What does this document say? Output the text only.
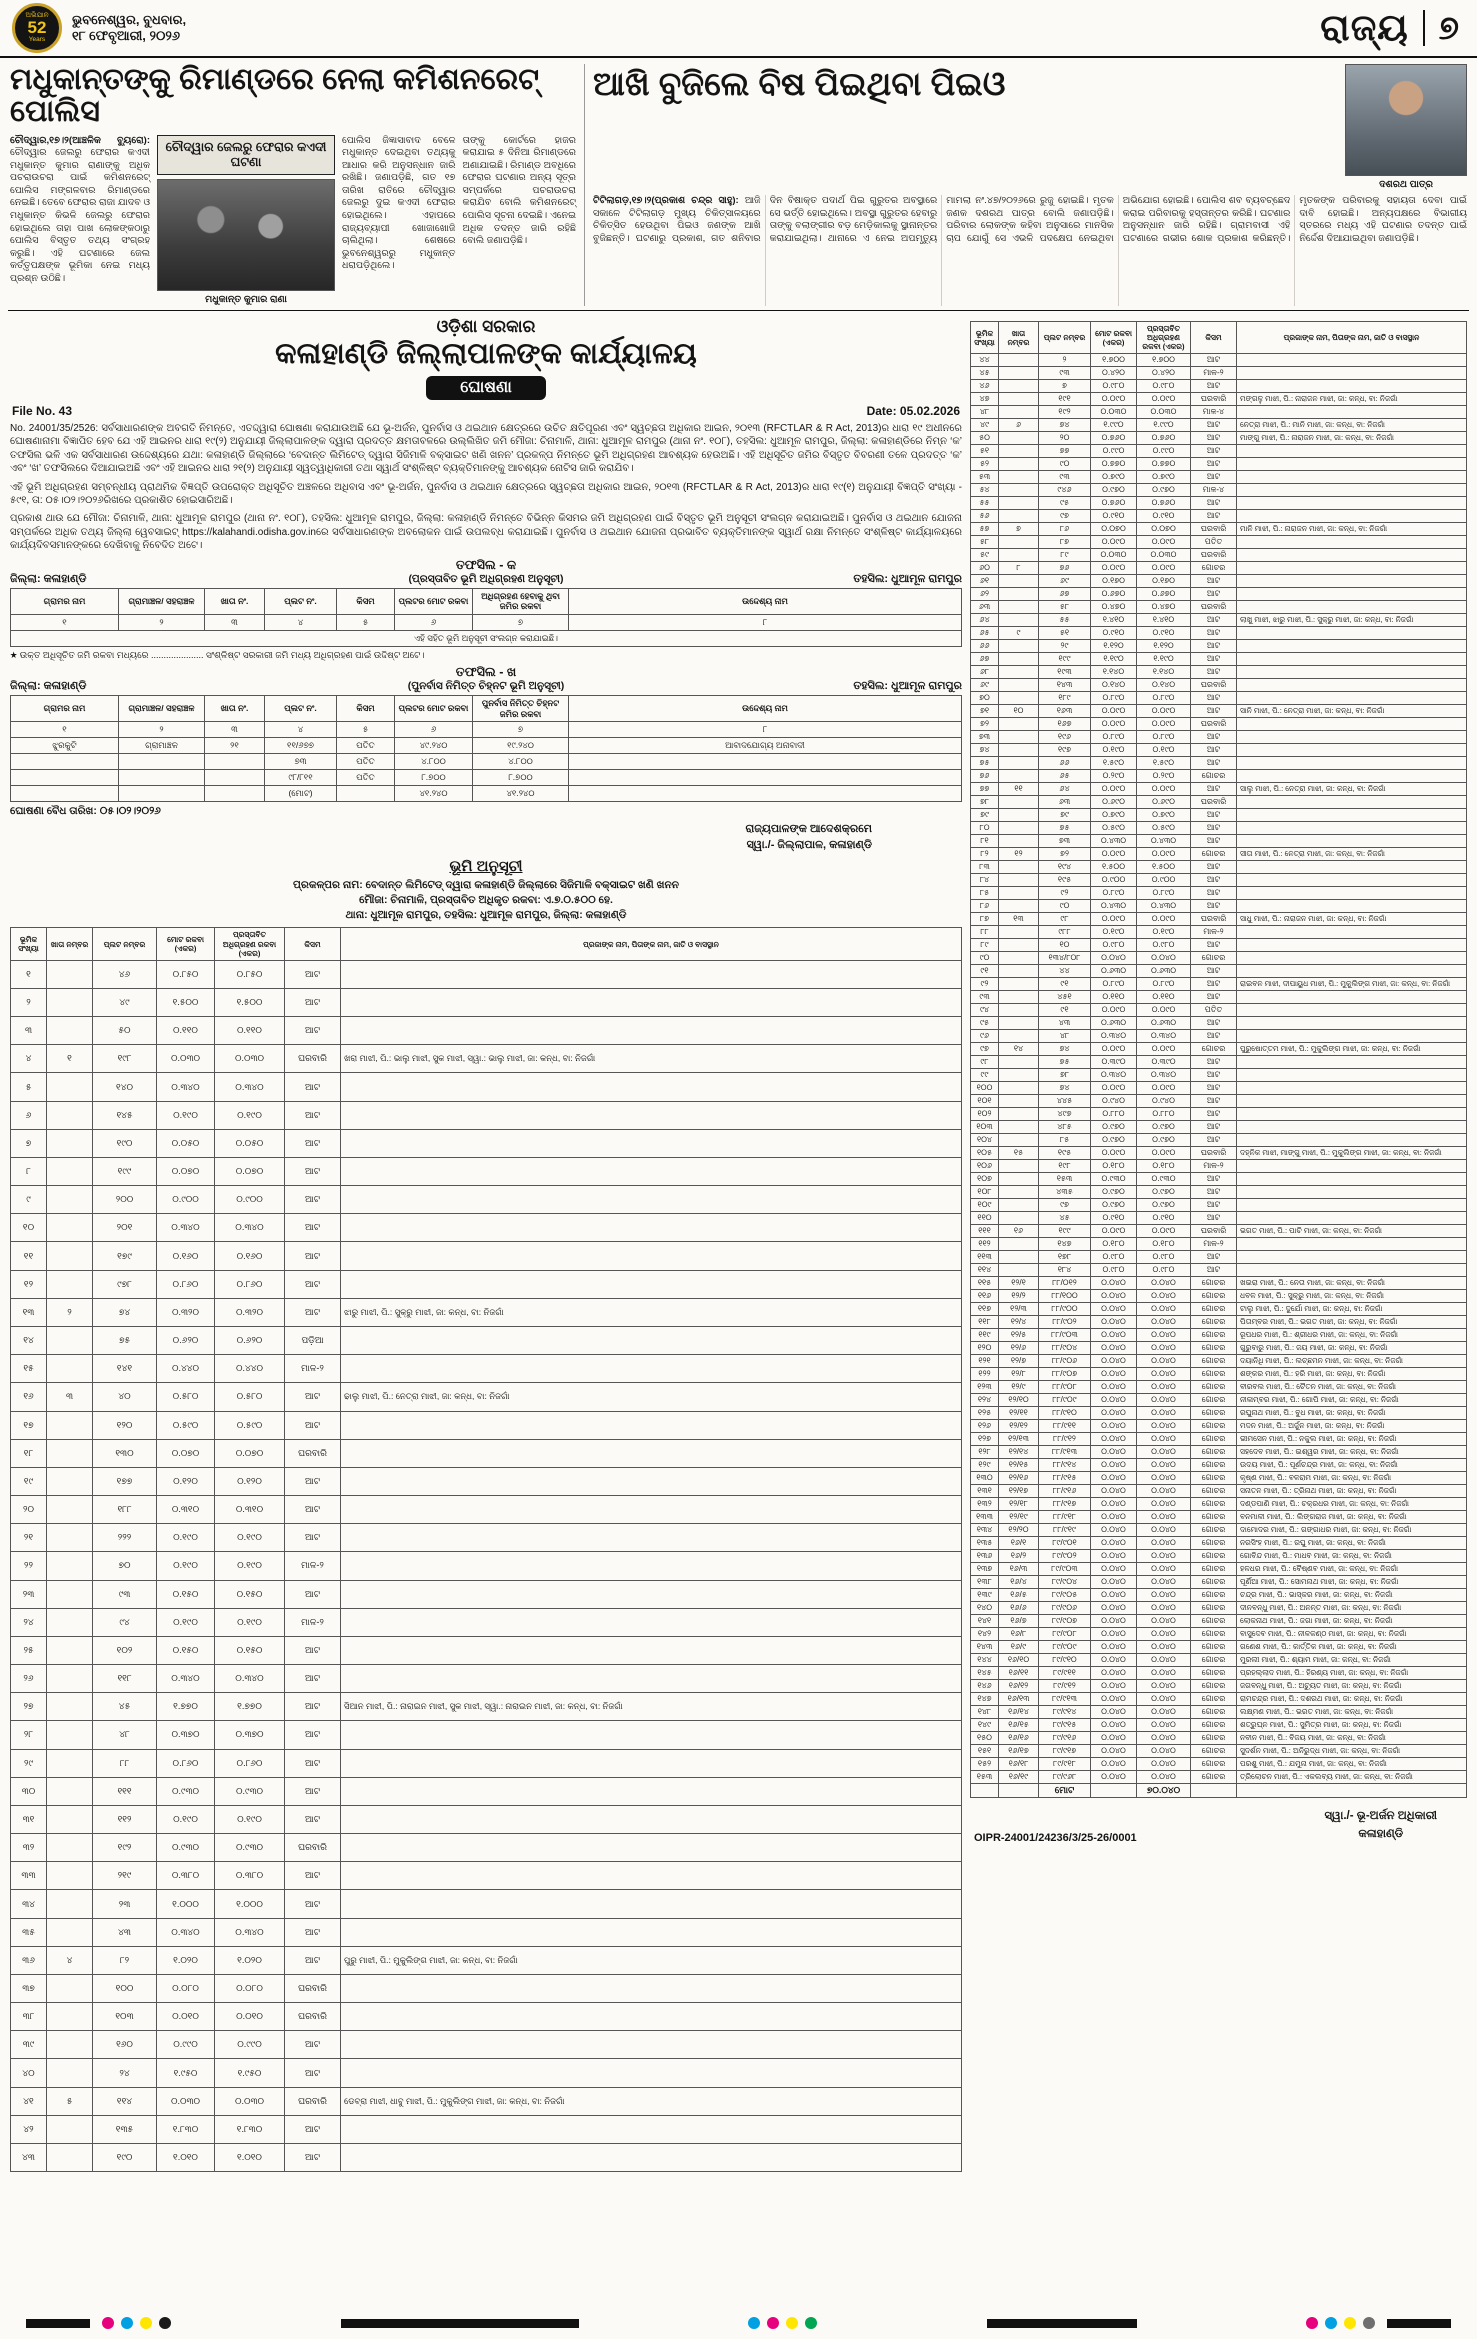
ଅଭିଯାନ
52
Years
ଭୁବନେଶ୍ୱର, ବୁଧବାର,
୧୮ ଫେବୃଆରୀ, ୨୦୨୬	ରାଜ୍ୟ ୭
ମଧୁକାନ୍ତଙ୍କୁ ରିମାଣ୍ଡରେ ନେଲା କମିଶନରେଟ୍ ପୋଲିସ
ଚୌଦ୍ୱାର,୧୭।୨(ଆଞ୍ଚଳିକ ବ୍ୟୁରୋ): ଚୌଦ୍ୱାର ଜେଲରୁ ଫେରାର କଏଦୀ ମଧୁକାନ୍ତ କୁମାର ରାଣାଙ୍କୁ ଅଧିକ ପଚରାଉଚରା ପାଇଁ କମିଶନରେଟ୍ ପୋଲିସ ମଙ୍ଗଳବାର ରିମାଣ୍ଡରେ ନେଇଛି। ତେବେ ଫେରାର ରାଜା ଯାଦବ ଓ ମଧୁକାନ୍ତ କିଭଳି ଜେଲରୁ ଫେରାର ହୋଇଥିଲେ ତାହା ପାଖ ଲୋକଙ୍କଠାରୁ ପୋଲିସ ବିସ୍ତୃତ ତଥ୍ୟ ସଂଗ୍ରହ କରୁଛି। ଏହି ଘଟଣାରେ ଜେଲ କର୍ତ୍ତୃପକ୍ଷଙ୍କ ଭୂମିକା ନେଇ ମଧ୍ୟ ପ୍ରଶ୍ନ ଉଠିଛି।
ଚୌଦ୍ୱାର ଜେଲରୁ ଫେରାର କଏଦୀ ଘଟଣା
ମଧୁକାନ୍ତ କୁମାର ରାଣା
ପୋଲିସ ଜିଜ୍ଞାସାବାଦ ବେଳେ ମଧୁକାନ୍ତ ଦେଇଥିବା ତଥ୍ୟକୁ ଆଧାର କରି ଅନୁସନ୍ଧାନ ଜାରି ରଖିଛି। ଜଣାପଡ଼ିଛି, ଗତ ୧୭ ତାରିଖ ରାତିରେ ଚୌଦ୍ୱାର ଜେଲରୁ ଦୁଇ କଏଦୀ ଫେରାର ହୋଇଥିଲେ। ଏହାପରେ ରାଜ୍ୟବ୍ୟାପୀ ଖୋଜାଖୋଜି ଚାଲିଥିଲା। ଶେଷରେ ଭୁବନେଶ୍ୱରରୁ ମଧୁକାନ୍ତ ଧରାପଡ଼ିଥିଲେ।
ତାଙ୍କୁ କୋର୍ଟରେ ହାଜର କରାଯାଇ ୫ ଦିନିଆ ରିମାଣ୍ଡରେ ଅଣାଯାଇଛି। ରିମାଣ୍ଡ ଅବଧିରେ ଫେରାର ଘଟଣାର ଅନ୍ୟ ସୂତ୍ର ସମ୍ପର୍କରେ ପଚରାଉଚରା କରାଯିବ ବୋଲି କମିଶନରେଟ୍ ପୋଲିସ ସୂଚନା ଦେଇଛି। ଏନେଇ ଅଧିକ ତଦନ୍ତ ଜାରି ରହିଛି ବୋଲି ଜଣାପଡ଼ିଛି।
ଆଖି ବୁଜିଲେ ବିଷ ପିଇଥିବା ପିଇଓ
ଦଶରଥ ପାତ୍ର
ଟିଟିଲାଗଡ଼,୧୭।୨(ପ୍ରକାଶ ଚନ୍ଦ୍ର ସାହୁ): ଆଜି ସକାଳେ ଟିଟିଲାଗଡ଼ ମୁଖ୍ୟ ଚିକିତ୍ସାଳୟରେ ଚିକିତ୍ସିତ ହେଉଥିବା ପିଇଓ ଜଣଙ୍କ ଆଖି ବୁଜିଛନ୍ତି। ଘଟଣାରୁ ପ୍ରକାଶ, ଗତ ଶନିବାର ଦିନ ବିଷାକ୍ତ ପଦାର୍ଥ ପିଇ ଗୁରୁତର ଅବସ୍ଥାରେ ସେ ଭର୍ତ୍ତି ହୋଇଥିଲେ। ଅବସ୍ଥା ଗୁରୁତର ହେବାରୁ ତାଙ୍କୁ ବଲାଙ୍ଗୀର ବଡ଼ ମେଡ଼ିକାଲକୁ ସ୍ଥାନାନ୍ତର କରାଯାଇଥିଲା। ଥାନାରେ ଏ ନେଇ ଅପମୃତ୍ୟୁ ମାମଲା ନଂ.୪୭/୨୦୨୬ରେ ରୁଜୁ ହୋଇଛି। ମୃତକ ଜଣକ ଦଶରଥ ପାତ୍ର ବୋଲି ଜଣାପଡ଼ିଛି। ପରିବାର ଲୋକଙ୍କ କହିବା ଅନୁସାରେ ମାନସିକ ଚାପ ଯୋଗୁଁ ସେ ଏଭଳି ପଦକ୍ଷେପ ନେଇଥିବା ଅଭିଯୋଗ ହୋଇଛି। ପୋଲିସ ଶବ ବ୍ୟବଚ୍ଛେଦ କରାଇ ପରିବାରକୁ ହସ୍ତାନ୍ତର କରିଛି। ଘଟଣାର ଅନୁସନ୍ଧାନ ଜାରି ରହିଛି। ଗ୍ରାମବାସୀ ଏହି ଘଟଣାରେ ଗଭୀର ଶୋକ ପ୍ରକାଶ କରିଛନ୍ତି। ମୃତକଙ୍କ ପରିବାରକୁ ସହାୟତା ଦେବା ପାଇଁ ଦାବି ହୋଇଛି। ଅନ୍ୟପକ୍ଷରେ ବିଭାଗୀୟ ସ୍ତରରେ ମଧ୍ୟ ଏହି ଘଟଣାର ତଦନ୍ତ ପାଇଁ ନିର୍ଦ୍ଦେଶ ଦିଆଯାଇଥିବା ଜଣାପଡ଼ିଛି।
ଓଡ଼ିଶା ସରକାର
କଳାହାଣ୍ଡି ଜିଲ୍ଲାପାଳଙ୍କ କାର୍ଯ୍ୟାଳୟ
ଘୋଷଣା
File No. 43	Date: 05.02.2026

No. 24001/35/2526: ସର୍ବସାଧାରଣଙ୍କ ଅବଗତି ନିମନ୍ତେ, ଏତଦ୍ଦ୍ୱାରା ଘୋଷଣା କରାଯାଉଅଛି ଯେ ଭୂ-ଅର୍ଜନ, ପୁନର୍ବାସ ଓ ଥଇଥାନ କ୍ଷେତ୍ରରେ ଉଚିତ କ୍ଷତିପୂରଣ ଏବଂ ସ୍ୱଚ୍ଛତା ଅଧିକାର ଆଇନ, ୨୦୧୩ (RFCTLAR & R Act, 2013)ର ଧାରା ୧୯ ଅଧୀନରେ ଘୋଷଣାନାମା ବିଜ୍ଞାପିତ ହେବ ଯେ ଏହି ଆଇନର ଧାରା ୧୯(୨) ଅନୁଯାୟୀ ଜିଲ୍ଲାପାଳଙ୍କ ଦ୍ୱାରା ପ୍ରଦତ୍ତ କ୍ଷମତାବଳରେ ଉଲ୍ଲିଖିତ ଜମି ମୌଜା: ଚିନାମାଳି, ଥାନା: ଧୁଆମୂଳ ରାମପୁର (ଥାନା ନଂ. ୧୦୮), ତହସିଲ: ଧୁଆମୂଳ ରାମପୁର, ଜିଲ୍ଲା: କଳାହାଣ୍ଡିରେ ନିମ୍ନ ‘କ’ ତଫସିଲ ଭଳି ଏକ ସର୍ବସାଧାରଣ ଉଦ୍ଦେଶ୍ୟରେ ଯଥା: କଳାହାଣ୍ଡି ଜିଲ୍ଲାରେ ‘ବେଦାନ୍ତ ଲିମିଟେଡ୍ ଦ୍ୱାରା ସିଜିମାଳି ବକ୍ସାଇଟ ଖଣି ଖନନ’ ପ୍ରକଳ୍ପ ନିମନ୍ତେ ଭୂମି ଅଧିଗ୍ରହଣ ଆବଶ୍ୟକ ହେଉଅଛି। ଏହି ଅଧିସୂଚିତ ଜମିର ବିସ୍ତୃତ ବିବରଣୀ ତଳେ ପ୍ରଦତ୍ତ ‘କ’ ଏବଂ ‘ଖ’ ତଫସିଲରେ ଦିଆଯାଇଅଛି ଏବଂ ଏହି ଆଇନର ଧାରା ୨୧(୨) ଅନୁଯାୟୀ ସ୍ୱତ୍ୱାଧିକାରୀ ତଥା ସ୍ୱାର୍ଥ ସଂଶ୍ଳିଷ୍ଟ ବ୍ୟକ୍ତିମାନଙ୍କୁ ଆବଶ୍ୟକ ନୋଟିସ ଜାରି କରାଯିବ।

ଏହି ଭୂମି ଅଧିଗ୍ରହଣ ସମ୍ବନ୍ଧୀୟ ପ୍ରାଥମିକ ବିଜ୍ଞପ୍ତି ଉପରୋକ୍ତ ଅଧିସୂଚିତ ଅଞ୍ଚଳରେ ଅଧିବାସ ଏବଂ ଭୂ-ଅର୍ଜନ, ପୁନର୍ବାସ ଓ ଥଇଥାନ କ୍ଷେତ୍ରରେ ସ୍ୱଚ୍ଛତା ଅଧିକାର ଆଇନ, ୨୦୧୩ (RFCTLAR & R Act, 2013)ର ଧାରା ୧୯(୧) ଅନୁଯାୟୀ ବିଜ୍ଞପ୍ତି ସଂଖ୍ୟା - ୫୯୧, ତା: ୦୫।୦୨।୨୦୨୬ରିଖରେ ପ୍ରକାଶିତ ହୋଇସାରିଅଛି।

ପ୍ରକାଶ ଥାଉ ଯେ ମୌଜା: ଚିନାମାଳି, ଥାନା: ଧୁଆମୂଳ ରାମପୁର (ଥାନା ନଂ. ୧୦୮), ତହସିଲ: ଧୁଆମୂଳ ରାମପୁର, ଜିଲ୍ଲା: କଳାହାଣ୍ଡି ନିମନ୍ତେ ବିଭିନ୍ନ କିସମର ଜମି ଅଧିଗ୍ରହଣ ପାଇଁ ବିସ୍ତୃତ ଭୂମି ଅନୁସୂଚୀ ସଂଲଗ୍ନ କରାଯାଇଅଛି। ପୁନର୍ବାସ ଓ ଥଇଥାନ ଯୋଜନା ସମ୍ପର୍କରେ ଅଧିକ ତଥ୍ୟ ଜିଲ୍ଲା ୱେବସାଇଟ୍ https://kalahandi.odisha.gov.inରେ ସର୍ବସାଧାରଣଙ୍କ ଅବଲୋକନ ପାଇଁ ଉପଲବ୍ଧ କରାଯାଇଛି। ପୁନର୍ବାସ ଓ ଥଇଥାନ ଯୋଜନା ପ୍ରଭାବିତ ବ୍ୟକ୍ତିମାନଙ୍କ ସ୍ୱାର୍ଥ ରକ୍ଷା ନିମନ୍ତେ ସଂଶ୍ଳିଷ୍ଟ କାର୍ଯ୍ୟାଳୟରେ କାର୍ଯ୍ୟଦିବସମାନଙ୍କରେ ଦେଖିବାକୁ ନିବେଦିତ ଅଟେ।

ଜିଲ୍ଲା: କଳାହାଣ୍ଡି
ତଫସିଲ - କ
(ପ୍ରସ୍ତାବିତ ଭୂମି ଅଧିଗ୍ରହଣ ଅନୁସୂଚୀ)	ତହସିଲ: ଧୁଆମୂଳ ରାମପୁର
ଗ୍ରାମର ନାମ	ଗ୍ରାମାଞ୍ଚଳ/ ସହରାଞ୍ଚଳ	ଖାତା ନଂ.	ପ୍ଲଟ ନଂ.	କିସମ	ପ୍ଲଟର ମୋଟ ରକବା	ଅଧିଗ୍ରହଣ ହେବାକୁ ଥିବା ଜମିର ରକବା	ଉଦ୍ଦେଶ୍ୟ ନାମ
୧	୨	୩	୪	୫	୬	୭	୮
ଏହି ସହିତ ଭୂମି ଅନୁସୂଚୀ ସଂଲଗ୍ନ କରାଯାଇଛି।							
★ ଉକ୍ତ ଅଧିସୂଚିତ ଜମି ରକବା ମଧ୍ୟରେ ..................... ସଂଶ୍ଳିଷ୍ଟ ସରକାରୀ ଜମି ମଧ୍ୟ ଅଧିଗ୍ରହଣ ପାଇଁ ଉଦ୍ଦିଷ୍ଟ ଅଟେ।
ଜିଲ୍ଲା: କଳାହାଣ୍ଡି
ତଫସିଲ - ଖ
(ପୁନର୍ବାସ ନିମିତ୍ତ ଚିହ୍ନଟ ଭୂମି ଅନୁସୂଚୀ)	ତହସିଲ: ଧୁଆମୂଳ ରାମପୁର
ଗ୍ରାମର ନାମ	ଗ୍ରାମାଞ୍ଚଳ/ ସହରାଞ୍ଚଳ	ଖାତା ନଂ.	ପ୍ଲଟ ନଂ.	କିସମ	ପ୍ଲଟର ମୋଟ ରକବା	ପୁନର୍ବାସ ନିମିତ୍ତ ଚିହ୍ନଟ ଜମିର ରକବା	ଉଦ୍ଦେଶ୍ୟ ନାମ
୧	୨	୩	୪	୫	୬	୭	୮
ଝୁରକୁଟି	ଗ୍ରାମାଞ୍ଚଳ	୨୧	୧୧/୬୭୭	ପତିତ	୪୯.୨୪୦	୧୯.୨୪୦	ଆବାଦଯୋଗ୍ୟ ଅନାବାଦୀ
			୭୩	ପତିତ	୪.୮୦୦	୪.୮୦୦	
			୯୮/୮୧୧	ପତିତ	୮.୭୦୦	୮.୭୦୦	
			(ମୋଟ)		୪୧.୨୪୦	୪୧.୨୪୦	
ଘୋଷଣା ବୈଧ ତାରିଖ: ୦୫।୦୨।୨୦୨୬
ରାଜ୍ୟପାଳଙ୍କ ଆଦେଶକ୍ରମେ
ସ୍ୱା./- ଜିଲ୍ଲାପାଳ, କଳାହାଣ୍ଡି
ଭୂମି ଅନୁସୂଚୀ
ପ୍ରକଳ୍ପର ନାମ: ବେଦାନ୍ତ ଲିମିଟେଡ୍ ଦ୍ୱାରା କଳାହାଣ୍ଡି ଜିଲ୍ଲାରେ ସିଜିମାଳି ବକ୍ସାଇଟ ଖଣି ଖନନ
ମୌଜା: ଚିନାମାଳି, ପ୍ରସ୍ତାବିତ ଅଧିକୃତ ରକବା: ଏ.୭.୦.୫୦୦ ହେ.
ଥାନା: ଧୁଆମୂଳ ରାମପୁର, ତହସିଲ: ଧୁଆମୂଳ ରାମପୁର, ଜିଲ୍ଲା: କଳାହାଣ୍ଡି
ଭୂମିକ ସଂଖ୍ୟା	ଖାତା ନମ୍ବର	ପ୍ଲଟ ନମ୍ବର	ମୋଟ ରକବା (ଏକର)	ପ୍ରସ୍ତାବିତ ଅଧିଗ୍ରହଣ ରକବା (ଏକର)	କିସମ	ପ୍ରଜାଙ୍କ ନାମ, ପିତାଙ୍କ ନାମ, ଜାତି ଓ ବାସସ୍ଥାନ
୧		୪୬	୦.୮୫୦	୦.୮୫୦	ଆଟ	
୨		୪୯	୧.୫୦୦	୧.୫୦୦	ଆଟ	
୩		୫୦	୦.୧୧୦	୦.୧୧୦	ଆଟ	
୪	୧	୧୯୮	୦.୦୩୦	୦.୦୩୦	ଘରବାରି	ଖରା ମାଝୀ, ପି.: ଭାଲୁ ମାଝୀ, ସୁକ ମାଝୀ, ସ୍ୱା.: ଭାଲୁ ମାଝୀ, ଜା: କନ୍ଧ, ବା: ନିଜଗାଁ
୫		୧୪୦	୦.୩୪୦	୦.୩୪୦	ଆଟ	
୬		୧୪୫	୦.୧୯୦	୦.୧୯୦	ଆଟ	
୭		୧୯୦	୦.୦୫୦	୦.୦୫୦	ଆଟ	
୮		୧୯୯	୦.୦୭୦	୦.୦୭୦	ଆଟ	
୯		୨୦୦	୦.୯୦୦	୦.୯୦୦	ଆଟ	
୧୦		୨୦୧	୦.୩୪୦	୦.୩୪୦	ଆଟ	
୧୧		୧୭୯	୦.୧୬୦	୦.୧୬୦	ଆଟ	
୧୨		୯୭୮	୦.୮୬୦	୦.୮୬୦	ଆଟ	
୧୩	୨	୭୪	୦.୩୨୦	୦.୩୨୦	ଆଟ	ଝାରୁ ମାଝୀ, ପି.: ସୁକ୍ରୁ ମାଝୀ, ଜା: କନ୍ଧ, ବା: ନିଜଗାଁ
୧୪		୭୫	୦.୬୨୦	୦.୬୨୦	ପଡ଼ିଆ	
୧୫		୧୪୧	୦.୪୪୦	୦.୪୪୦	ମାଳ-୨	
୧୬	୩	୪୦	୦.୫୮୦	୦.୫୮୦	ଆଟ	ଢାଲୁ ମାଝୀ, ପି.: ନେତ୍ରା ମାଝୀ, ଜା: କନ୍ଧ, ବା: ନିଜଗାଁ
୧୭		୧୨୦	୦.୫୯୦	୦.୫୯୦	ଆଟ	
୧୮		୧୩୦	୦.୦୭୦	୦.୦୭୦	ଘରବାରି	
୧୯		୧୭୭	୦.୧୨୦	୦.୧୨୦	ଆଟ	
୨୦		୧୮୮	୦.୩୧୦	୦.୩୧୦	ଆଟ	
୨୧		୨୨୨	୦.୧୯୦	୦.୧୯୦	ଆଟ	
୨୨		୭୦	୦.୧୯୦	୦.୧୯୦	ମାଳ-୨	
୨୩		୯୩	୦.୧୫୦	୦.୧୫୦	ଆଟ	
୨୪		୯୪	୦.୧୯୦	୦.୧୯୦	ମାଳ-୨	
୨୫		୧୦୨	୦.୧୫୦	୦.୧୫୦	ଆଟ	
୨୬		୧୧୮	୦.୩୪୦	୦.୩୪୦	ଆଟ	
୨୭		୪୫	୧.୭୭୦	୧.୭୭୦	ଆଟ	ସିଆନ ମାଝୀ, ପି.: ନାରାଇନ ମାଝୀ, ସୁକ ମାଝୀ, ସ୍ୱା.: ନାରାଇନ ମାଝୀ, ଜା: କନ୍ଧ, ବା: ନିଜଗାଁ
୨୮		୪୮	୦.୩୭୦	୦.୩୭୦	ଆଟ	
୨୯		୮୮	୦.୮୬୦	୦.୮୬୦	ଆଟ	
୩୦		୧୧୧	୦.୯୩୦	୦.୯୩୦	ଆଟ	
୩୧		୧୧୨	୦.୧୯୦	୦.୧୯୦	ଆଟ	
୩୨		୧୯୨	୦.୯୩୦	୦.୯୩୦	ଘରବାରି	
୩୩		୨୧୯	୦.୩୮୦	୦.୩୮୦	ଆଟ	
୩୪		୨୩	୧.୦୦୦	୧.୦୦୦	ଆଟ	
୩୫		୪୩	୦.୩୪୦	୦.୩୪୦	ଆଟ	
୩୬	୪	୮୨	୧.୦୨୦	୧.୦୨୦	ଆଟ	ପୁରୁ ମାଝୀ, ପି.: ମୁକୁଲିଙ୍ଗ ମାଝୀ, ଜା: କନ୍ଧ, ବା: ନିଜଗାଁ
୩୭		୧୦୦	୦.୦୮୦	୦.୦୮୦	ଘରବାରି	
୩୮		୧୦୩	୦.୦୧୦	୦.୦୧୦	ଘରବାରି	
୩୯		୧୬୦	୦.୯୯୦	୦.୯୯୦	ଆଟ	
୪୦		୨୪	୧.୯୫୦	୧.୯୫୦	ଆଟ	
୪୧	୫	୧୧୪	୦.୦୩୦	୦.୦୩୦	ଘରବାରି	ଡେବ୍ରା ମାଝୀ, ଧାବୁ ମାଝୀ, ପି.: ମୁକୁଲିଙ୍ଗ ମାଝୀ, ଜା: କନ୍ଧ, ବା: ନିଜଗାଁ
୪୨		୧୩୫	୧.୮୩୦	୧.୮୩୦	ଆଟ	
୪୩		୧୯୦	୧.୦୧୦	୧.୦୧୦	ଆଟ	
ଭୂମିକ ସଂଖ୍ୟା	ଖାତା ନମ୍ବର	ପ୍ଲଟ ନମ୍ବର	ମୋଟ ରକବା (ଏକର)	ପ୍ରସ୍ତାବିତ ଅଧିଗ୍ରହଣ ରକବା (ଏକର)	କିସମ	ପ୍ରଜାଙ୍କ ନାମ, ପିତାଙ୍କ ନାମ, ଜାତି ଓ ବାସସ୍ଥାନ
୪୪		୨	୧.୭୦୦	୧.୭୦୦	ଆଟ	
୪୫		୯୩	୦.୪୨୦	୦.୪୨୦	ମାଳ-୨	
୪୬		୭	୦.୯୮୦	୦.୯୮୦	ଆଟ	
୪୭		୧୯୧	୦.୦୯୦	୦.୦୯୦	ଘରବାରି	ମଙ୍ଗଳୁ ମାଝୀ, ପି.: ନାରାଜନ ମାଝୀ, ଜା: କନ୍ଧ, ବା: ନିଜଗାଁ
୪୮		୧୯୨	୦.୦୩୦	୦.୦୩୦	ମାଳ-୪	
୪୯	୬	୭୪	୧.୯୯୦	୧.୯୯୦	ଆଟ	ନେତ୍ରା ମାଝୀ, ପି.: ମାନି ମାଝୀ, ଜା: କନ୍ଧ, ବା: ନିଜଗାଁ
୫୦		୨୦	୦.୭୬୦	୦.୭୬୦	ଆଟ	ମାଙ୍ଗୁ ମାଝୀ, ପି.: ନାରାଜନ ମାଝୀ, ଜା: କନ୍ଧ, ବା: ନିଜଗାଁ
୫୧		୭୭	୦.୯୯୦	୦.୯୯୦	ଆଟ	
୫୨		୯୦	୦.୭୭୦	୦.୭୭୦	ଆଟ	
୫୩		୯୩	୦.୭୯୦	୦.୭୯୦	ଆଟ	
୫୪		୯୪୬	୦.୯୭୦	୦.୯୭୦	ମାଳ-୪	
୫୫		୯୫	୦.୭୬୦	୦.୭୬୦	ଆଟ	
୫୬		୯୭	୦.୯୧୦	୦.୯୧୦	ଆଟ	
୫୭	୭	୮୬	୦.୦୭୦	୦.୦୭୦	ଘରବାରି	ମାନି ମାଝୀ, ପି.: ନାରାଜନ ମାଝୀ, ଜା: କନ୍ଧ, ବା: ନିଜଗାଁ
୫୮		୮୭	୦.୦୯୦	୦.୦୯୦	ପତିତ	
୫୯		୮୯	୦.୦୩୦	୦.୦୩୦	ଘରବାରି	
୬୦	୮	୭୬	୦.୦୯୦	୦.୦୯୦	ଗୋଚର	
୬୧		୬୯	୦.୧୭୦	୦.୧୭୦	ଆଟ	
୬୨		୬୭	୦.୬୭୦	୦.୬୭୦	ଆଟ	
୬୩		୫୮	୦.୪୭୦	୦.୪୭୦	ଘରବାରି	
୬୪		୫୫	୧.୪୧୦	୧.୪୧୦	ଆଟ	ଲାଖୁ ମାଝୀ, ଝାରୁ ମାଝୀ, ପି.: ସୁକ୍ରୁ ମାଝୀ, ଜା: କନ୍ଧ, ବା: ନିଜଗାଁ
୬୫	୯	୫୧	୦.୯୧୦	୦.୯୧୦	ଆଟ	
୬୬		୨୯	୧.୧୨୦	୧.୧୨୦	ଆଟ	
୬୭		୧୯୯	୧.୧୯୦	୧.୧୯୦	ଆଟ	
୬୮		୧୯୩	୧.୧୪୦	୧.୧୪୦	ଆଟ	
୬୯		୧୪୩	୦.୧୪୦	୦.୧୪୦	ଘରବାରି	
୭୦		୧୮୯	୦.୮୯୦	୦.୮୯୦	ଆଟ	
୭୧	୧୦	୧୬୩	୦.୦୯୦	୦.୦୯୦	ଆଟ	ସାନି ମାଝୀ, ପି.: ନେତ୍ରା ମାଝୀ, ଜା: କନ୍ଧ, ବା: ନିଜଗାଁ
୭୨		୧୬୭	୦.୦୯୦	୦.୦୯୦	ଘରବାରି	
୭୩		୧୯୬	୦.୮୯୦	୦.୮୯୦	ଆଟ	
୭୪		୧୯୭	୦.୧୯୦	୦.୧୯୦	ଆଟ	
୭୫		୬୬	୧.୫୯୦	୧.୫୯୦	ଆଟ	
୭୬		୬୫	୦.୨୯୦	୦.୨୯୦	ଗୋଚର	
୭୭	୧୧	୬୪	୦.୦୯୦	୦.୦୯୦	ଆଟ	ସାଲୁ ମାଝୀ, ପି.: ନେତ୍ରା ମାଝୀ, ଜା: କନ୍ଧ, ବା: ନିଜଗାଁ
୭୮		୬୩	୦.୬୯୦	୦.୬୯୦	ଘରବାରି	
୭୯		୭୯	୦.୭୯୦	୦.୭୯୦	ଆଟ	
୮୦		୭୫	୦.୫୯୦	୦.୫୯୦	ଆଟ	
୮୧		୭୩	୦.୪୩୦	୦.୪୩୦	ଆଟ	
୮୨	୧୨	୭୨	୦.୦୯୦	୦.୦୯୦	ଗୋଚର	ସୀତା ମାଝୀ, ପି.: ନେତ୍ରା ମାଝୀ, ଜା: କନ୍ଧ, ବା: ନିଜଗାଁ
୮୩		୧୯୪	୧.୫୦୦	୧.୫୦୦	ଆଟ	
୮୪		୧୯୫	୦.୯୦୦	୦.୯୦୦	ଆଟ	
୮୫		୯୨	୦.୮୯୦	୦.୮୯୦	ଆଟ	
୮୬		୯୦	୦.୪୩୦	୦.୪୩୦	ଆଟ	
୮୭	୧୩	୯୮	୦.୦୯୦	୦.୦୯୦	ଘରବାରି	ସାଧୁ ମାଝୀ, ପି.: ନାରାଜନ ମାଝୀ, ଜା: କନ୍ଧ, ବା: ନିଜଗାଁ
୮୮		୯୮୮	୦.୧୯୦	୦.୧୯୦	ମାଳ-୨	
୮୯		୧୦	୦.୯୮୦	୦.୯୮୦	ଆଟ	
୯୦		୧୩୪/୮୦୮	୦.୦୪୦	୦.୦୪୦	ଗୋଚର	
୯୧		୪୪	୦.୬୩୦	୦.୬୩୦	ଆଟ	
୯୨		୯୧	୦.୮୯୦	୦.୮୯୦	ଆଟ	ରାଇବନ ମାଝୀ, ଦୀପାୟୁଧ ମାଝୀ, ପି.: ମୁକୁଲିଙ୍ଗ ମାଝୀ, ଜା: କନ୍ଧ, ବା: ନିଜଗାଁ
୯୩		୪୫୧	୦.୧୧୦	୦.୧୧୦	ଆଟ	
୯୪		୯୧	୦.୦୯୦	୦.୦୯୦	ପତିତ	
୯୫		୪୩	୦.୬୩୦	୦.୬୩୦	ଆଟ	
୯୬		୪୮	୦.୩୪୦	୦.୩୪୦	ଆଟ	
୯୭	୧୪	୭୪	୦.୦୯୦	୦.୦୯୦	ଗୋଚର	ପୁରୁଷୋତ୍ତମ ମାଝୀ, ପି.: ମୁକୁଲିଙ୍ଗ ମାଝୀ, ଜା: କନ୍ଧ, ବା: ନିଜଗାଁ
୯୮		୭୫	୦.୩୯୦	୦.୩୯୦	ଆଟ	
୯୯		୭୮	୦.୩୪୦	୦.୩୪୦	ଆଟ	
୧୦୦		୭୪	୦.୦୯୦	୦.୦୯୦	ଆଟ	
୧୦୧		୪୪୫	୦.୯୪୦	୦.୯୪୦	ଆଟ	
୧୦୨		୪୯୭	୦.୮୮୦	୦.୮୮୦	ଆଟ	
୧୦୩		୪୮୫	୦.୯୭୦	୦.୯୭୦	ଆଟ	
୧୦୪		୮୫	୦.୯୭୦	୦.୯୭୦	ଆଟ	
୧୦୫	୧୫	୧୯୫	୦.୦୯୦	୦.୦୯୦	ଘରବାରି	ଦହ୍ନିକ ମାଝୀ, ମାଙ୍ଗୁ ମାଝୀ, ପି.: ମୁକୁଲିଙ୍ଗ ମାଝୀ, ଜା: କନ୍ଧ, ବା: ନିଜଗାଁ
୧୦୬		୧୯୮	୦.୧୮୦	୦.୧୮୦	ମାଳ-୨	
୧୦୭		୧୫୩	୦.୯୩୦	୦.୯୩୦	ଆଟ	
୧୦୮		୪୩୫	୦.୯୭୦	୦.୯୭୦	ଆଟ	
୧୦୯		୯୭	୦.୯୭୦	୦.୯୭୦	ଆଟ	
୧୧୦		୪୫	୦.୯୧୦	୦.୯୧୦	ଆଟ	
୧୧୧	୧୬	୧୯୯	୦.୦୯୦	୦.୦୯୦	ଘରବାରି	ଭଗତ ମାଝୀ, ପି.: ପାଚି ମାଝୀ, ଜା: କନ୍ଧ, ବା: ନିଜଗାଁ
୧୧୨		୧୪୭	୦.୧୮୦	୦.୧୮୦	ମାଳ-୨	
୧୧୩		୧୭୮	୦.୯୮୦	୦.୯୮୦	ଆଟ	
୧୧୪		୧୮୪	୦.୯୮୦	୦.୯୮୦	ଆଟ	
୧୧୫	୧୨/୧	୮୮/୦୧୨	୦.୦୪୦	୦.୦୪୦	ଗୋଚର	ଖଇରା ମାଝୀ, ପି.: ନେତା ମାଝୀ, ଜା: କନ୍ଧ, ବା: ନିଜଗାଁ
୧୧୬	୧୨/୨	୮୮/୧୦୦	୦.୦୪୦	୦.୦୪୦	ଗୋଚର	ଧବଳ ମାଝୀ, ପି.: ସୁକ୍ରୁ ମାଝୀ, ଜା: କନ୍ଧ, ବା: ନିଜଗାଁ
୧୧୭	୧୨/୩	୮୮/୯୦୦	୦.୦୪୦	୦.୦୪୦	ଗୋଚର	ଟାଲୁ ମାଝୀ, ପି.: ଦୁର୍ଯୋ ମାଝୀ, ଜା: କନ୍ଧ, ବା: ନିଜଗାଁ
୧୧୮	୧୨/୪	୮୮/୯୦୨	୦.୦୪୦	୦.୦୪୦	ଗୋଚର	ପିତାମ୍ବର ମାଝୀ, ପି.: ଭଗତ ମାଝୀ, ଜା: କନ୍ଧ, ବା: ନିଜଗାଁ
୧୧୯	୧୨/୫	୮୮/୯୦୩	୦.୦୪୦	୦.୦୪୦	ଗୋଚର	ରୂପଧର ମାଝୀ, ପି.: ଶ୍ରୀଧର ମାଝୀ, ଜା: କନ୍ଧ, ବା: ନିଜଗାଁ
୧୨୦	୧୨/୬	୮୮/୯୦୪	୦.୦୪୦	୦.୦୪୦	ଗୋଚର	ଗୁରୁବାରୁ ମାଝୀ, ପି.: ଜୟ ମାଝୀ, ଜା: କନ୍ଧ, ବା: ନିଜଗାଁ
୧୨୧	୧୨/୭	୮୮/୯୦୬	୦.୦୪୦	୦.୦୪୦	ଗୋଚର	ଦୟାନିଧି ମାଝୀ, ପି.: ଲଚ୍ଛମନ ମାଝୀ, ଜା: କନ୍ଧ, ବା: ନିଜଗାଁ
୧୨୨	୧୨/୮	୮୮/୯୦୭	୦.୦୪୦	୦.୦୪୦	ଗୋଚର	ଶଙ୍କର ମାଝୀ, ପି.: ହରି ମାଝୀ, ଜା: କନ୍ଧ, ବା: ନିଜଗାଁ
୧୨୩	୧୨/୯	୮୮/୯୦୮	୦.୦୪୦	୦.୦୪୦	ଗୋଚର	ବୀରବଲ ମାଝୀ, ପି.: ଚୈତନ ମାଝୀ, ଜା: କନ୍ଧ, ବା: ନିଜଗାଁ
୧୨୪	୧୨/୧୦	୮୮/୯୦୯	୦.୦୪୦	୦.୦୪୦	ଗୋଚର	ନୀଳାମ୍ବର ମାଝୀ, ପି.: ଗୋପି ମାଝୀ, ଜା: କନ୍ଧ, ବା: ନିଜଗାଁ
୧୨୫	୧୨/୧୧	୮୮/୯୧୦	୦.୦୪୦	୦.୦୪୦	ଗୋଚର	ରଘୁନାଥ ମାଝୀ, ପି.: ବୁଧ ମାଝୀ, ଜା: କନ୍ଧ, ବା: ନିଜଗାଁ
୧୨୬	୧୨/୧୨	୮୮/୯୧୧	୦.୦୪୦	୦.୦୪୦	ଗୋଚର	ମଦନ ମାଝୀ, ପି.: ଅର୍ଜୁନ ମାଝୀ, ଜା: କନ୍ଧ, ବା: ନିଜଗାଁ
୧୨୭	୧୨/୧୩	୮୮/୯୧୨	୦.୦୪୦	୦.୦୪୦	ଗୋଚର	ଭୀମସେନ ମାଝୀ, ପି.: ନକୁଲ ମାଝୀ, ଜା: କନ୍ଧ, ବା: ନିଜଗାଁ
୧୨୮	୧୨/୧୪	୮୮/୯୧୩	୦.୦୪୦	୦.୦୪୦	ଗୋଚର	ସହଦେବ ମାଝୀ, ପି.: ଇଶ୍ୱର ମାଝୀ, ଜା: କନ୍ଧ, ବା: ନିଜଗାଁ
୧୨୯	୧୨/୧୫	୮୮/୯୧୪	୦.୦୪୦	୦.୦୪୦	ଗୋଚର	ଉଦୟ ମାଝୀ, ପି.: ପୂର୍ଣଚନ୍ଦ୍ର ମାଝୀ, ଜା: କନ୍ଧ, ବା: ନିଜଗାଁ
୧୩୦	୧୨/୧୬	୮୮/୯୧୫	୦.୦୪୦	୦.୦୪୦	ଗୋଚର	କୃଷ୍ଣ ମାଝୀ, ପି.: ବଳରାମ ମାଝୀ, ଜା: କନ୍ଧ, ବା: ନିଜଗାଁ
୧୩୧	୧୨/୧୭	୮୮/୯୧୬	୦.୦୪୦	୦.୦୪୦	ଗୋଚର	ସନାତନ ମାଝୀ, ପି.: ତ୍ରିନାଥ ମାଝୀ, ଜା: କନ୍ଧ, ବା: ନିଜଗାଁ
୧୩୨	୧୨/୧୮	୮୮/୯୧୭	୦.୦୪୦	୦.୦୪୦	ଗୋଚର	ଦଣ୍ଡପାଣି ମାଝୀ, ପି.: ଚକ୍ରଧର ମାଝୀ, ଜା: କନ୍ଧ, ବା: ନିଜଗାଁ
୧୩୩	୧୨/୧୯	୮୮/୯୧୮	୦.୦୪୦	୦.୦୪୦	ଗୋଚର	ବନମାଳୀ ମାଝୀ, ପି.: ଲିଙ୍ଗରାଜ ମାଝୀ, ଜା: କନ୍ଧ, ବା: ନିଜଗାଁ
୧୩୪	୧୨/୨୦	୮୮/୯୧୯	୦.୦୪୦	୦.୦୪୦	ଗୋଚର	ଦାମୋଦର ମାଝୀ, ପି.: ଗଙ୍ଗାଧର ମାଝୀ, ଜା: କନ୍ଧ, ବା: ନିଜଗାଁ
୧୩୫	୧୬/୧	୮୯/୯୦୧	୦.୦୪୦	୦.୦୪୦	ଗୋଚର	ନରସିଂହ ମାଝୀ, ପି.: ରଘୁ ମାଝୀ, ଜା: କନ୍ଧ, ବା: ନିଜଗାଁ
୧୩୬	୧୬/୨	୮୯/୯୦୨	୦.୦୪୦	୦.୦୪୦	ଗୋଚର	ଗୋବିନ୍ଦ ମାଝୀ, ପି.: ମାଧବ ମାଝୀ, ଜା: କନ୍ଧ, ବା: ନିଜଗାଁ
୧୩୭	୧୬/୩	୮୯/୯୦୩	୦.୦୪୦	୦.୦୪୦	ଗୋଚର	ହଳଧର ମାଝୀ, ପି.: ବୈଷ୍ଣବ ମାଝୀ, ଜା: କନ୍ଧ, ବା: ନିଜଗାଁ
୧୩୮	୧୬/୪	୮୯/୯୦୪	୦.୦୪୦	୦.୦୪୦	ଗୋଚର	ପୂର୍ଣିଆ ମାଝୀ, ପି.: ସୋମନାଥ ମାଝୀ, ଜା: କନ୍ଧ, ବା: ନିଜଗାଁ
୧୩୯	୧୬/୫	୮୯/୯୦୫	୦.୦୪୦	୦.୦୪୦	ଗୋଚର	ଚନ୍ଦ୍ର ମାଝୀ, ପି.: ଭାସ୍କର ମାଝୀ, ଜା: କନ୍ଧ, ବା: ନିଜଗାଁ
୧୪୦	୧୬/୬	୮୯/୯୦୬	୦.୦୪୦	୦.୦୪୦	ଗୋଚର	ଦୀନବନ୍ଧୁ ମାଝୀ, ପି.: ଅନନ୍ତ ମାଝୀ, ଜା: କନ୍ଧ, ବା: ନିଜଗାଁ
୧୪୧	୧୬/୭	୮୯/୯୦୭	୦.୦୪୦	୦.୦୪୦	ଗୋଚର	ଲୋକନାଥ ମାଝୀ, ପି.: ଜଗା ମାଝୀ, ଜା: କନ୍ଧ, ବା: ନିଜଗାଁ
୧୪୨	୧୬/୮	୮୯/୯୦୮	୦.୦୪୦	୦.୦୪୦	ଗୋଚର	ବାସୁଦେବ ମାଝୀ, ପି.: ନୀଳକଣ୍ଠ ମାଝୀ, ଜା: କନ୍ଧ, ବା: ନିଜଗାଁ
୧୪୩	୧୬/୯	୮୯/୯୦୯	୦.୦୪୦	୦.୦୪୦	ଗୋଚର	ଗଣେଶ ମାଝୀ, ପି.: କାର୍ତ୍ତିକ ମାଝୀ, ଜା: କନ୍ଧ, ବା: ନିଜଗାଁ
୧୪୪	୧୬/୧୦	୮୯/୯୧୦	୦.୦୪୦	୦.୦୪୦	ଗୋଚର	ମୁରଲୀ ମାଝୀ, ପି.: ଶ୍ୟାମ ମାଝୀ, ଜା: କନ୍ଧ, ବା: ନିଜଗାଁ
୧୪୫	୧୬/୧୧	୮୯/୯୧୧	୦.୦୪୦	୦.୦୪୦	ଗୋଚର	ପ୍ରହଲ୍ଲାଦ ମାଝୀ, ପି.: ହିରଣ୍ୟ ମାଝୀ, ଜା: କନ୍ଧ, ବା: ନିଜଗାଁ
୧୪୬	୧୬/୧୨	୮୯/୯୧୨	୦.୦୪୦	୦.୦୪୦	ଗୋଚର	ଜଗବନ୍ଧୁ ମାଝୀ, ପି.: ଅଚ୍ୟୁତ ମାଝୀ, ଜା: କନ୍ଧ, ବା: ନିଜଗାଁ
୧୪୭	୧୬/୧୩	୮୯/୯୧୩	୦.୦୪୦	୦.୦୪୦	ଗୋଚର	ରାମଚନ୍ଦ୍ର ମାଝୀ, ପି.: ଦଶରଥ ମାଝୀ, ଜା: କନ୍ଧ, ବା: ନିଜଗାଁ
୧୪୮	୧୬/୧୪	୮୯/୯୧୪	୦.୦୪୦	୦.୦୪୦	ଗୋଚର	ଲକ୍ଷ୍ମଣ ମାଝୀ, ପି.: ଭରତ ମାଝୀ, ଜା: କନ୍ଧ, ବା: ନିଜଗାଁ
୧୪୯	୧୬/୧୫	୮୯/୯୧୫	୦.୦୪୦	୦.୦୪୦	ଗୋଚର	ଶତ୍ରୁଘ୍ନ ମାଝୀ, ପି.: ସୁମିତ୍ର ମାଝୀ, ଜା: କନ୍ଧ, ବା: ନିଜଗାଁ
୧୫୦	୧୬/୧୬	୮୯/୯୧୬	୦.୦୪୦	୦.୦୪୦	ଗୋଚର	ନବୀନ ମାଝୀ, ପି.: ବିଜୟ ମାଝୀ, ଜା: କନ୍ଧ, ବା: ନିଜଗାଁ
୧୫୧	୧୬/୧୭	୮୯/୯୧୭	୦.୦୪୦	୦.୦୪୦	ଗୋଚର	ସୁଦର୍ଶନ ମାଝୀ, ପି.: ଅନିରୁଦ୍ଧ ମାଝୀ, ଜା: କନ୍ଧ, ବା: ନିଜଗାଁ
୧୫୨	୧୬/୧୮	୮୯/୯୧୮	୦.୦୪୦	୦.୦୪୦	ଗୋଚର	ପରଶୁ ମାଝୀ, ପି.: ଯମୁନା ମାଝୀ, ଜା: କନ୍ଧ, ବା: ନିଜଗାଁ
୧୫୩	୧୬/୧୯	୮୯/୯୬୮	୦.୦୪୦	୦.୦୪୦	ଗୋଚର	ତ୍ରିଲୋଚନ ମାଝୀ, ପି.: ଏକଲବ୍ୟ ମାଝୀ, ଜା: କନ୍ଧ, ବା: ନିଜଗାଁ
		ମୋଟ		୭୦.୦୪୦		
OIPR-24001/24236/3/25-26/0001
ସ୍ୱା./- ଭୂ-ଅର୍ଜନ ଅଧିକାରୀ
କଳାହାଣ୍ଡି
